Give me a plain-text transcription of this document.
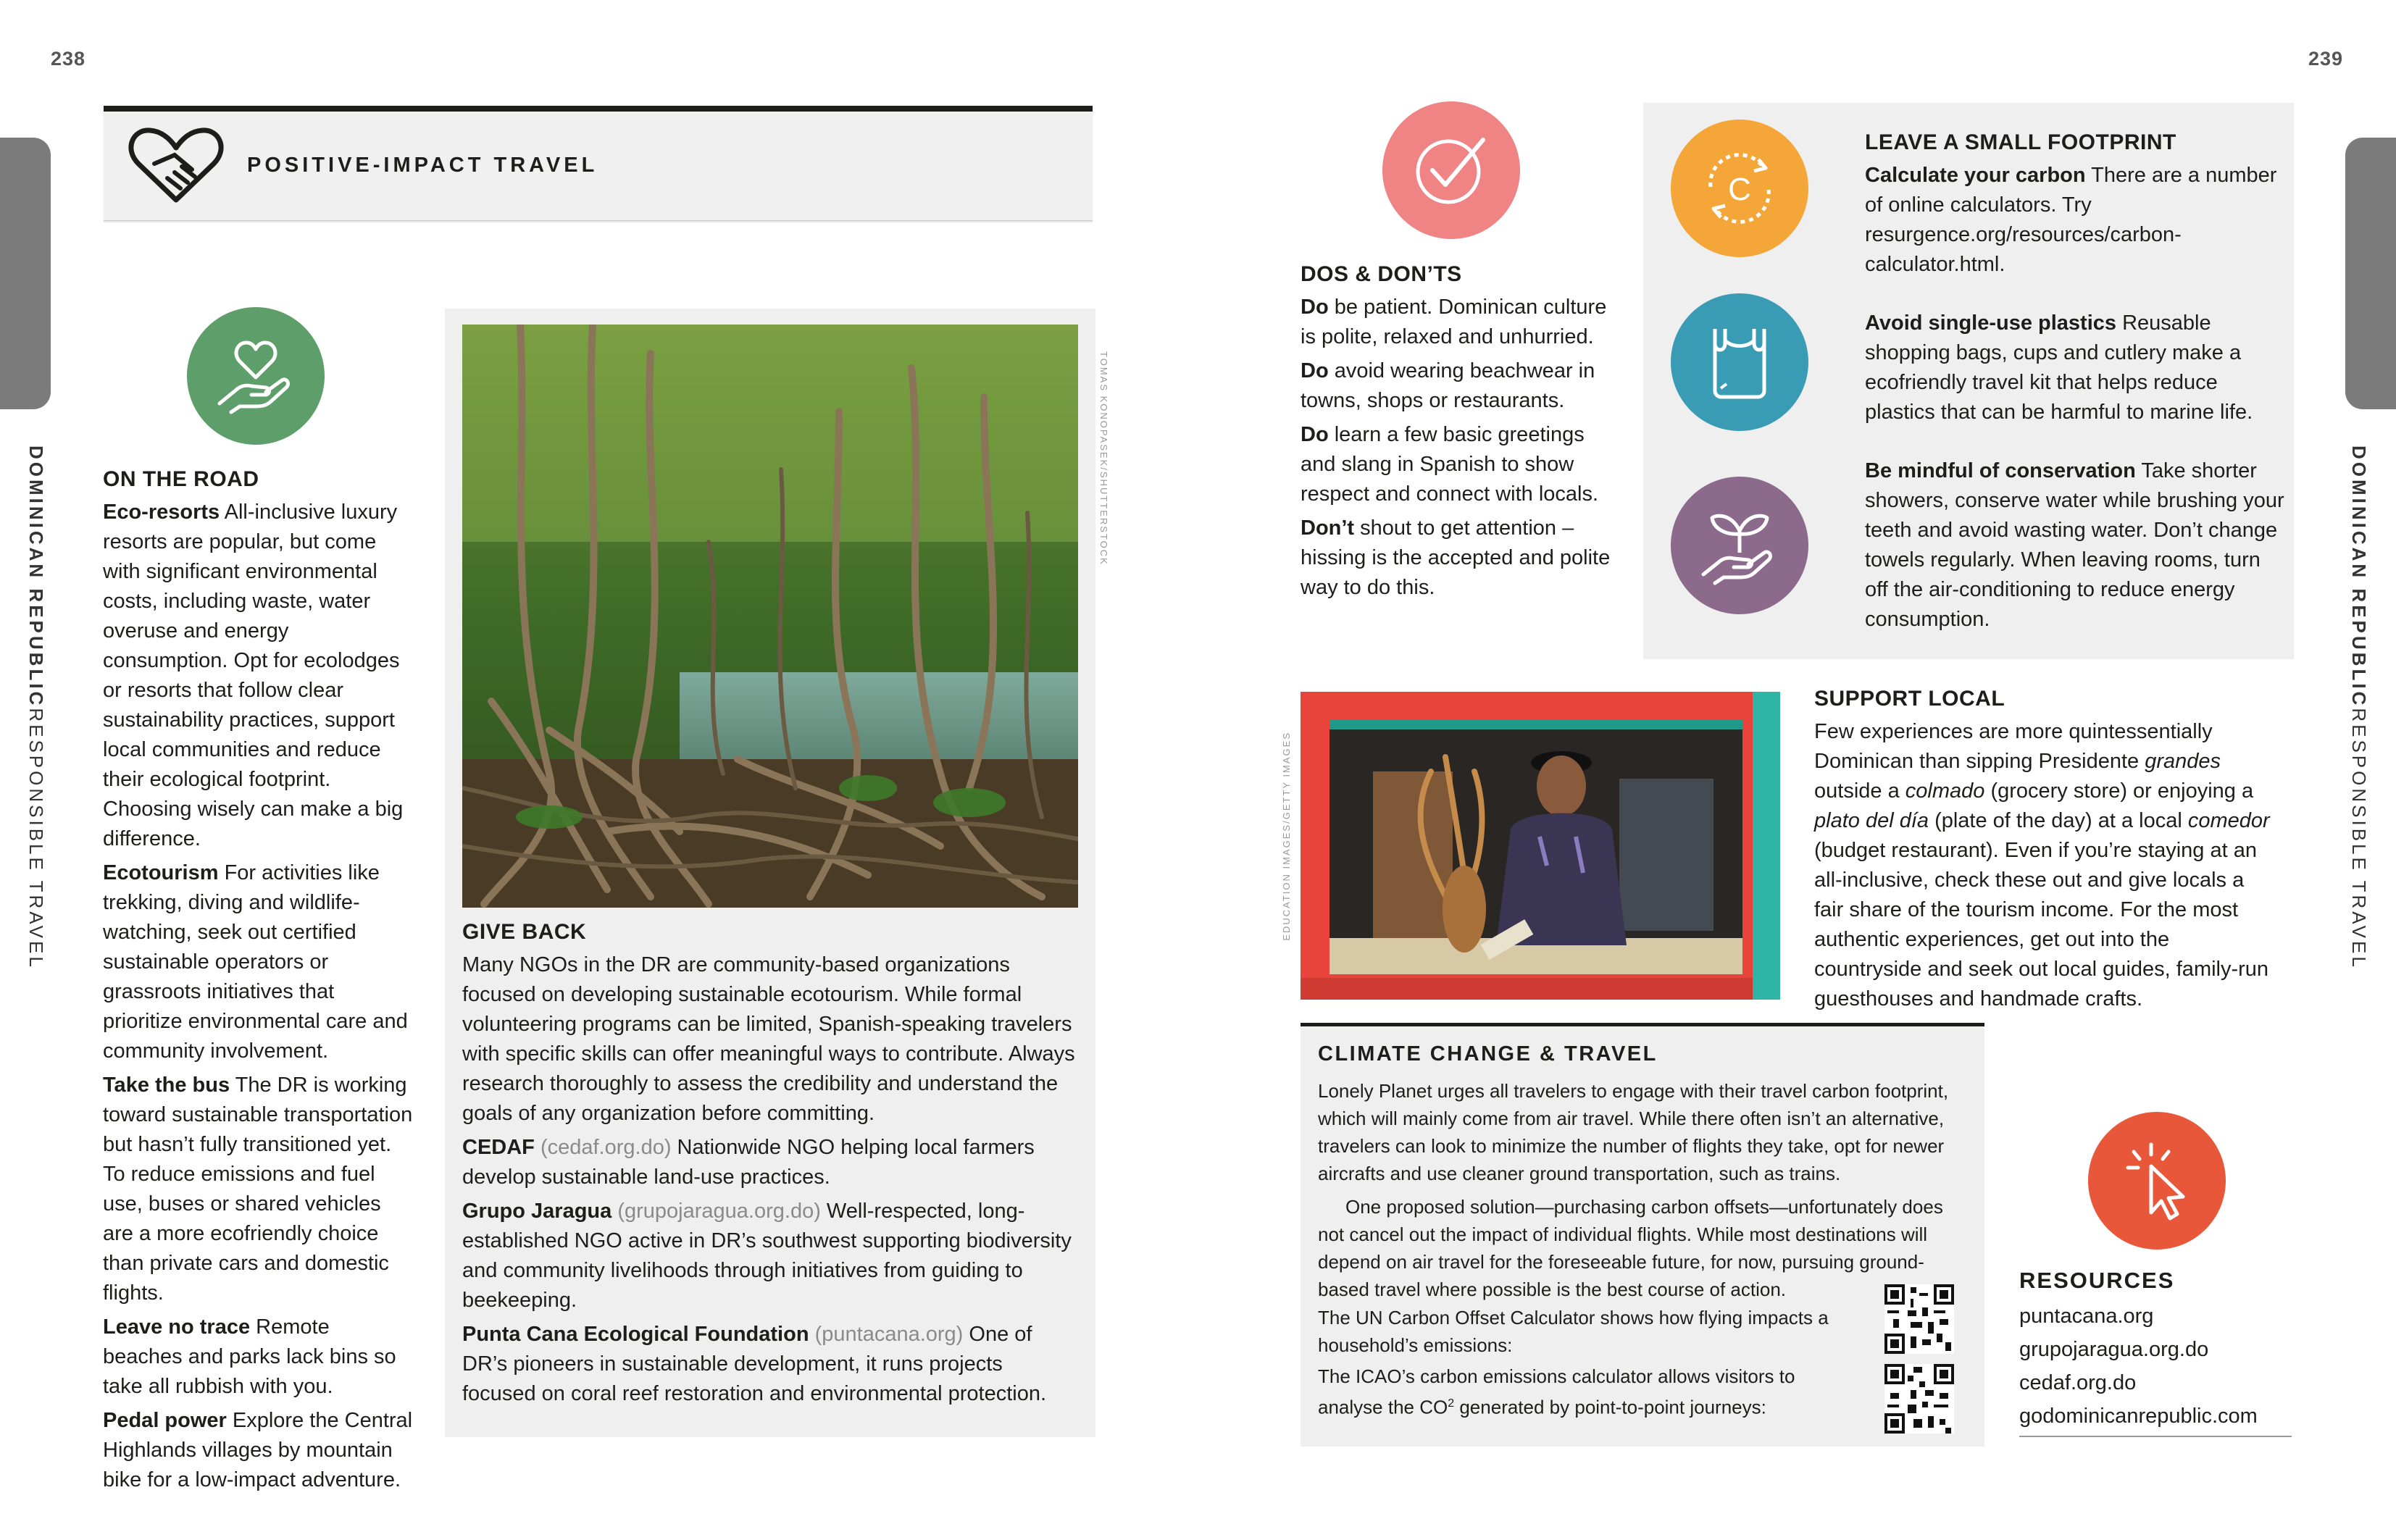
238	239
DOMINICAN REPUBLICRESPONSIBLE TRAVEL
DOMINICAN REPUBLICRESPONSIBLE TRAVEL
POSITIVE-IMPACT TRAVEL
ON THE ROAD

Eco-resorts All-inclusive luxury resorts are popular, but come with significant environmental costs, including waste, water overuse and energy consumption. Opt for ecolodges or resorts that follow clear sustainability practices, support local communities and reduce their ecological footprint. Choosing wisely can make a big difference.

Ecotourism For activities like trekking, diving and wildlife-watching, seek out certified sustainable operators or grassroots initiatives that prioritize environmental care and community involvement.

Take the bus The DR is working toward sustainable transportation but hasn’t fully transitioned yet. To reduce emissions and fuel use, buses or shared vehicles are a more ecofriendly choice than private cars and domestic flights.

Leave no trace Remote beaches and parks lack bins so take all rubbish with you.

Pedal power Explore the Central Highlands villages by mountain bike for a low-impact adventure.

TOMAS KONOPASEK/SHUTTERSTOCK
GIVE BACK

Many NGOs in the DR are community-based organizations focused on developing sustainable ecotourism. While formal volunteering programs can be limited, Spanish-speaking travelers with specific skills can offer meaningful ways to contribute. Always research thoroughly to assess the credibility and understand the goals of any organization before committing.

CEDAF (cedaf.org.do) Nationwide NGO helping local farmers develop sustainable land-use practices.

Grupo Jaragua (grupojaragua.org.do) Well-respected, long-established NGO active in DR’s southwest supporting biodiversity and community livelihoods through initiatives from guiding to beekeeping.

Punta Cana Ecological Foundation (puntacana.org) One of DR’s pioneers in sustainable development, it runs projects focused on coral reef restoration and environmental protection.

DOS & DON’TS

Do be patient. Dominican culture is polite, relaxed and unhurried.

Do avoid wearing beachwear in towns, shops or restaurants.

Do learn a few basic greetings and slang in Spanish to show respect and connect with locals.

Don’t shout to get attention – hissing is the accepted and polite way to do this.

C
LEAVE A SMALL FOOTPRINT
Calculate your carbon There are a number of online calculators. Try resurgence.org/resources/carbon-calculator.html.
Avoid single-use plastics Reusable shopping bags, cups and cutlery make a ecofriendly travel kit that helps reduce plastics that can be harmful to marine life.
Be mindful of conservation Take shorter showers, conserve water while brushing your teeth and avoid wasting water. Don’t change towels regularly. When leaving rooms, turn off the air-conditioning to reduce energy consumption.
EDUCATION IMAGES/GETTY IMAGES
SUPPORT LOCAL
Few experiences are more quintessentially Dominican than sipping Presidente grandes outside a colmado (grocery store) or enjoying a plato del día (plate of the day) at a local comedor (budget restaurant). Even if you’re staying at an all-inclusive, check these out and give locals a fair share of the tourism income. For the most authentic experiences, get out into the countryside and seek out local guides, family-run guesthouses and handmade crafts.
CLIMATE CHANGE & TRAVEL

Lonely Planet urges all travelers to engage with their travel carbon footprint, which will mainly come from air travel. While there often isn’t an alternative, travelers can look to minimize the number of flights they take, opt for newer aircrafts and use cleaner ground transportation, such as trains.

One proposed solution—purchasing carbon offsets—unfortunately does not cancel out the impact of individual flights. While most destinations will depend on air travel for the foreseeable future, for now, pursuing ground-based travel where possible is the best course of action.

The UN Carbon Offset Calculator shows how flying impacts a household’s emissions:
The ICAO’s carbon emissions calculator allows visitors to analyse the $CO^2$ generated by point-to-point journeys:
RESOURCES
puntacana.org
grupojaragua.org.do
cedaf.org.do
godominicanrepublic.com
